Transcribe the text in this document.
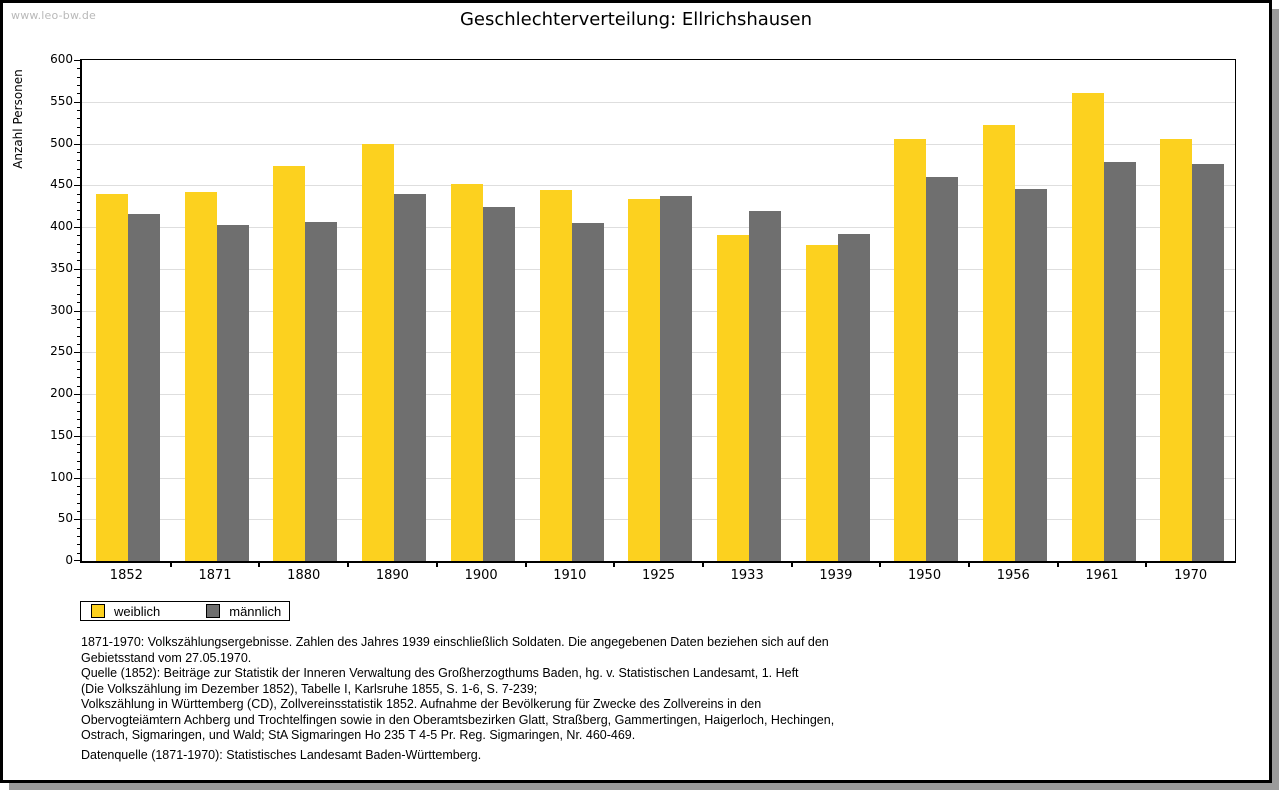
www.leo-bw.de	Geschlechterverteilung: Ellrichshausen
Anzahl Personen
0
50
100
150
200
250
300
350
400
450
500
550
600
1852	1871	1880	1890	1900	1910	1925	1933	1939	1950	1956	1961	1970
weiblich	männlich
1871-1970: Volkszählungsergebnisse. Zahlen des Jahres 1939 einschließlich Soldaten. Die angegebenen Daten beziehen sich auf den
Gebietsstand vom 27.05.1970.
Quelle (1852): Beiträge zur Statistik der Inneren Verwaltung des Großherzogthums Baden, hg. v. Statistischen Landesamt, 1. Heft
(Die Volkszählung im Dezember 1852), Tabelle I, Karlsruhe 1855, S. 1-6, S. 7-239;
Volkszählung in Württemberg (CD), Zollvereinsstatistik 1852. Aufnahme der Bevölkerung für Zwecke des Zollvereins in den
Obervogteiämtern Achberg und Trochtelfingen sowie in den Oberamtsbezirken Glatt, Straßberg, Gammertingen, Haigerloch, Hechingen,
Ostrach, Sigmaringen, und Wald; StA Sigmaringen Ho 235 T 4-5 Pr. Reg. Sigmaringen, Nr. 460-469.
Datenquelle (1871-1970): Statistisches Landesamt Baden-Württemberg.
